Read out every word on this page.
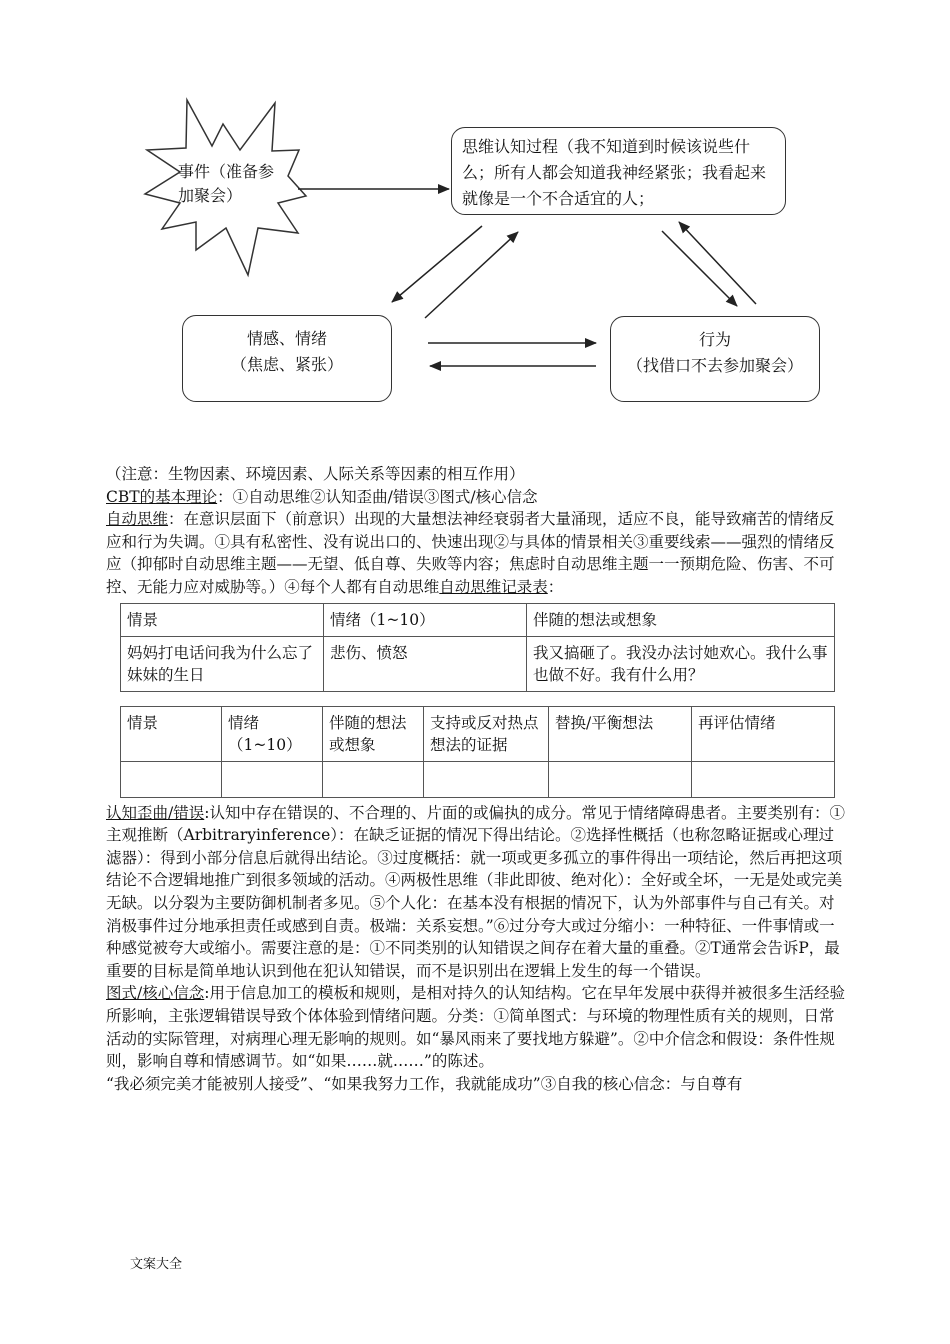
事件（准备参加聚会）
思维认知过程（我不知道到时候该说些什么；所有人都会知道我神经紧张；我看起来就像是一个不合适宜的人；
情感、情绪
（焦虑、紧张）
行为
（找借口不去参加聚会）

（注意：生物因素、环境因素、人际关系等因素的相互作用）

CBT的基本理论：①自动思维②认知歪曲/错误③图式/核心信念

自动思维：在意识层面下（前意识）出现的大量想法神经衰弱者大量涌现，适应不良，能导致痛苦的情绪反应和行为失调。①具有私密性、没有说出口的、快速出现②与具体的情景相关③重要线索——强烈的情绪反应（抑郁时自动思维主题——无望、低自尊、失败等内容；焦虑时自动思维主题一一预期危险、伤害、不可控、无能力应对威胁等。）④每个人都有自动思维自动思维记录表：

情景	情绪（1~10）	伴随的想法或想象
妈妈打电话问我为什么忘了妹妹的生日	悲伤、愤怒	我又搞砸了。我没办法讨她欢心。我什么事也做不好。我有什么用？
情景	情绪（1~10）	伴随的想法或想象	支持或反对热点想法的证据	替换/平衡想法	再评估情绪

认知歪曲/错误:认知中存在错误的、不合理的、片面的或偏执的成分。常见于情绪障碍患者。主要类别有：①主观推断（Arbitraryinference）：在缺乏证据的情况下得出结论。②选择性概括（也称忽略证据或心理过滤器）：得到小部分信息后就得出结论。③过度概括：就一项或更多孤立的事件得出一项结论，然后再把这项结论不合逻辑地推广到很多领域的活动。④两极性思维（非此即彼、绝对化）：全好或全坏，一无是处或完美无缺。以分裂为主要防御机制者多见。⑤个人化：在基本没有根据的情况下，认为外部事件与自己有关。对消极事件过分地承担责任或感到自责。极端：关系妄想。”⑥过分夸大或过分缩小：一种特征、一件事情或一种感觉被夸大或缩小。需要注意的是：①不同类别的认知错误之间存在着大量的重叠。②T通常会告诉P，最重要的目标是简单地认识到他在犯认知错误，而不是识别出在逻辑上发生的每一个错误。

图式/核心信念:用于信息加工的模板和规则，是相对持久的认知结构。它在早年发展中获得并被很多生活经验所影响，主张逻辑错误导致个体体验到情绪问题。分类：①简单图式：与环境的物理性质有关的规则，日常活动的实际管理，对病理心理无影响的规则。如“暴风雨来了要找地方躲避”。②中介信念和假设：条件性规则，影响自尊和情感调节。如“如果……就……”的陈述。

“我必须完美才能被别人接受”、“如果我努力工作，我就能成功”③自我的核心信念：与自尊有

文案大全
